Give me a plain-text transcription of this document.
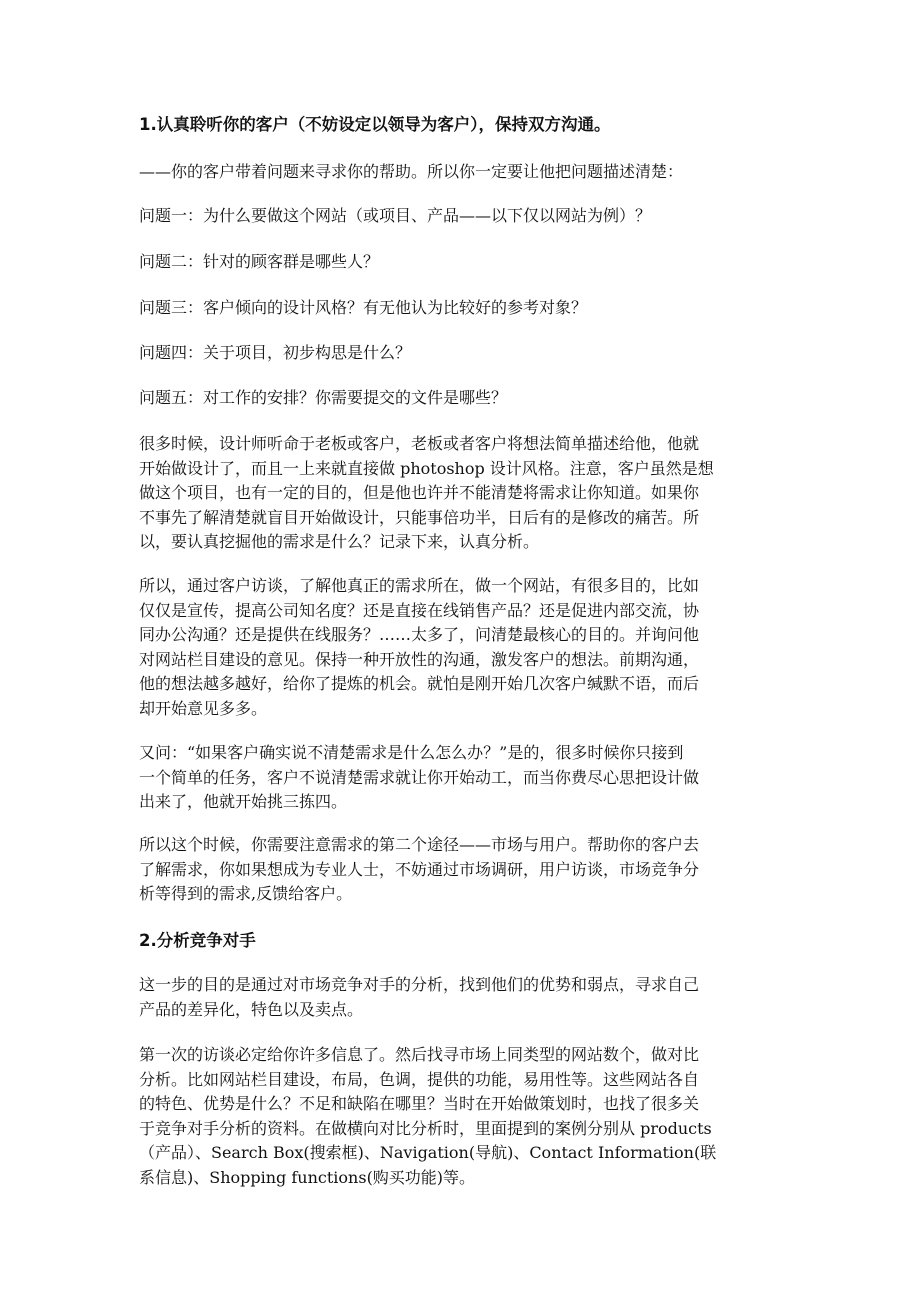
1.认真聆听你的客户（不妨设定以领导为客户），保持双方沟通。

——你的客户带着问题来寻求你的帮助。所以你一定要让他把问题描述清楚：

问题一：为什么要做这个网站（或项目、产品——以下仅以网站为例）？

问题二：针对的顾客群是哪些人？

问题三：客户倾向的设计风格？有无他认为比较好的参考对象？

问题四：关于项目，初步构思是什么？

问题五：对工作的安排？你需要提交的文件是哪些？

很多时候，设计师听命于老板或客户，老板或者客户将想法简单描述给他，他就
开始做设计了，而且一上来就直接做 photoshop 设计风格。注意，客户虽然是想
做这个项目，也有一定的目的，但是他也许并不能清楚将需求让你知道。如果你
不事先了解清楚就盲目开始做设计，只能事倍功半，日后有的是修改的痛苦。所
以，要认真挖掘他的需求是什么？记录下来，认真分析。
所以，通过客户访谈，了解他真正的需求所在，做一个网站，有很多目的，比如
仅仅是宣传，提高公司知名度？还是直接在线销售产品？还是促进内部交流，协
同办公沟通？还是提供在线服务？……太多了，问清楚最核心的目的。并询问他
对网站栏目建设的意见。保持一种开放性的沟通，激发客户的想法。前期沟通，
他的想法越多越好，给你了提炼的机会。就怕是刚开始几次客户缄默不语，而后
却开始意见多多。
又问：“如果客户确实说不清楚需求是什么怎么办？”是的，很多时候你只接到
一个简单的任务，客户不说清楚需求就让你开始动工，而当你费尽心思把设计做
出来了，他就开始挑三拣四。
所以这个时候，你需要注意需求的第二个途径——市场与用户。帮助你的客户去
了解需求，你如果想成为专业人士，不妨通过市场调研，用户访谈，市场竞争分
析等得到的需求,反馈给客户。
2.分析竞争对手
这一步的目的是通过对市场竞争对手的分析，找到他们的优势和弱点，寻求自己
产品的差异化，特色以及卖点。
第一次的访谈必定给你许多信息了。然后找寻市场上同类型的网站数个，做对比
分析。比如网站栏目建设，布局，色调，提供的功能，易用性等。这些网站各自
的特色、优势是什么？不足和缺陷在哪里？当时在开始做策划时，也找了很多关
于竞争对手分析的资料。在做横向对比分析时，里面提到的案例分别从 products
（产品）、Search Box(搜索框)、Navigation(导航)、Contact Information(联
系信息)、Shopping functions(购买功能)等。
